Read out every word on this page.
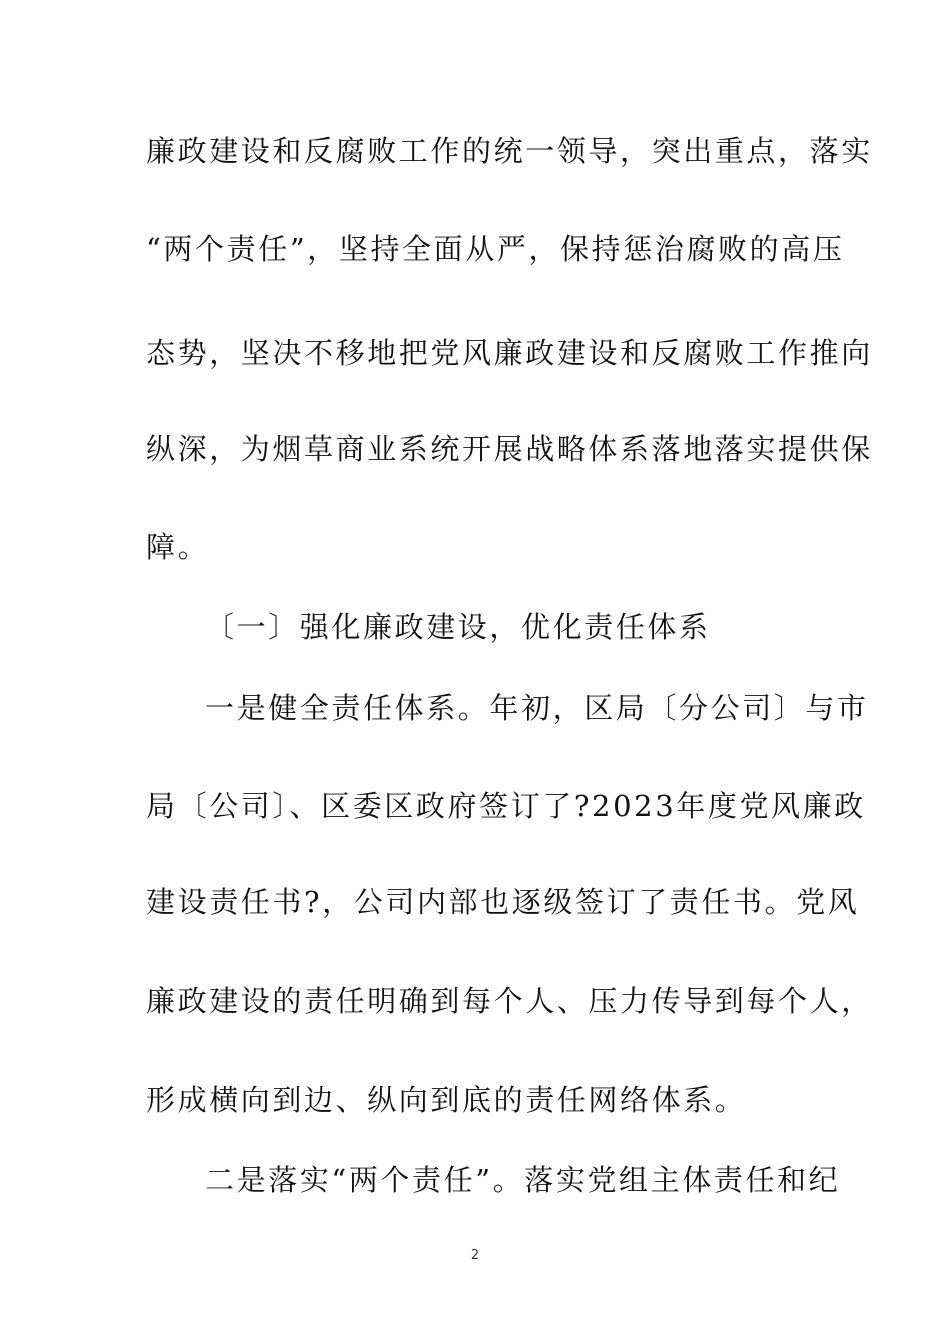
廉政建设和反腐败工作的统一领导，突出重点，落实
“两个责任”，坚持全面从严，保持惩治腐败的高压
态势，坚决不移地把党风廉政建设和反腐败工作推向
纵深，为烟草商业系统开展战略体系落地落实提供保
障。
〔一〕强化廉政建设，优化责任体系
一是健全责任体系。年初，区局〔分公司〕与市
局〔公司〕、区委区政府签订了?2023年度党风廉政
建设责任书?，公司内部也逐级签订了责任书。党风
廉政建设的责任明确到每个人、压力传导到每个人，
形成横向到边、纵向到底的责任网络体系。
二是落实“两个责任”。落实党组主体责任和纪
2
